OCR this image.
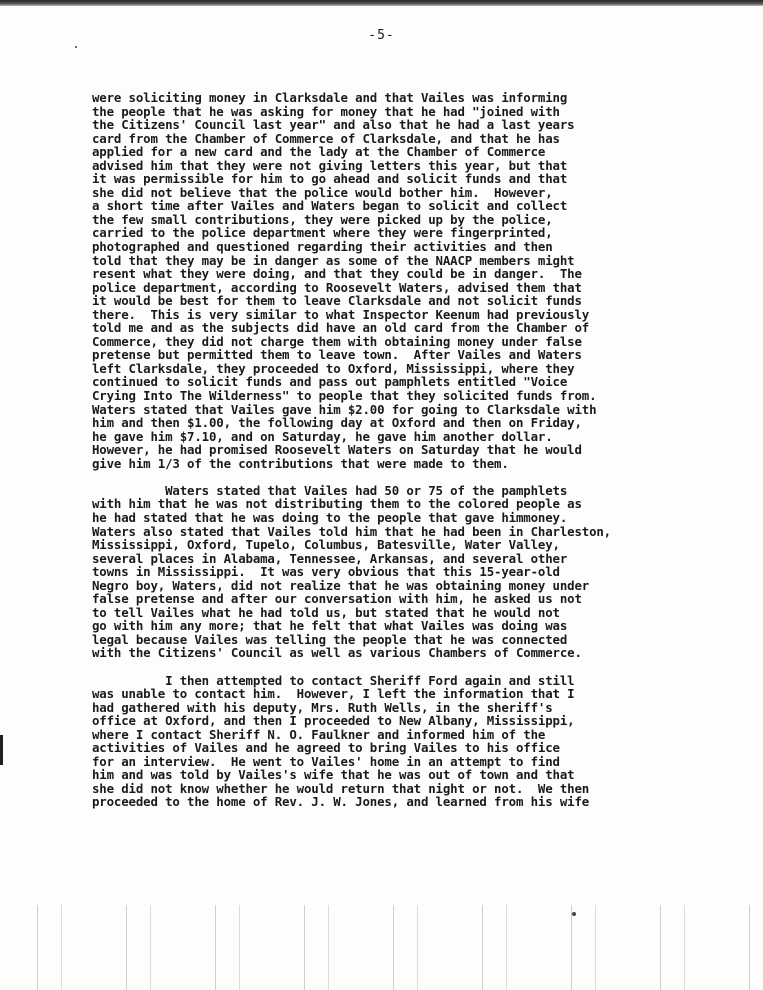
-5-

were soliciting money in Clarksdale and that Vailes was informing
the people that he was asking for money that he had "joined with
the Citizens' Council last year" and also that he had a last years
card from the Chamber of Commerce of Clarksdale, and that he has
applied for a new card and the lady at the Chamber of Commerce
advised him that they were not giving letters this year, but that
it was permissible for him to go ahead and solicit funds and that
she did not believe that the police would bother him.  However,
a short time after Vailes and Waters began to solicit and collect
the few small contributions, they were picked up by the police,
carried to the police department where they were fingerprinted,
photographed and questioned regarding their activities and then
told that they may be in danger as some of the NAACP members might
resent what they were doing, and that they could be in danger.  The
police department, according to Roosevelt Waters, advised them that
it would be best for them to leave Clarksdale and not solicit funds
there.  This is very similar to what Inspector Keenum had previously
told me and as the subjects did have an old card from the Chamber of
Commerce, they did not charge them with obtaining money under false
pretense but permitted them to leave town.  After Vailes and Waters
left Clarksdale, they proceeded to Oxford, Mississippi, where they
continued to solicit funds and pass out pamphlets entitled "Voice
Crying Into The Wilderness" to people that they solicited funds from.
Waters stated that Vailes gave him $2.00 for going to Clarksdale with
him and then $1.00, the following day at Oxford and then on Friday,
he gave him $7.10, and on Saturday, he gave him another dollar.
However, he had promised Roosevelt Waters on Saturday that he would
give him 1/3 of the contributions that were made to them.

Waters stated that Vailes had 50 or 75 of the pamphlets
with him that he was not distributing them to the colored people as
he had stated that he was doing to the people that gave himmoney.
Waters also stated that Vailes told him that he had been in Charleston,
Mississippi, Oxford, Tupelo, Columbus, Batesville, Water Valley,
several places in Alabama, Tennessee, Arkansas, and several other
towns in Mississippi.  It was very obvious that this 15-year-old
Negro boy, Waters, did not realize that he was obtaining money under
false pretense and after our conversation with him, he asked us not
to tell Vailes what he had told us, but stated that he would not
go with him any more; that he felt that what Vailes was doing was
legal because Vailes was telling the people that he was connected
with the Citizens' Council as well as various Chambers of Commerce.

I then attempted to contact Sheriff Ford again and still
was unable to contact him.  However, I left the information that I
had gathered with his deputy, Mrs. Ruth Wells, in the sheriff's
office at Oxford, and then I proceeded to New Albany, Mississippi,
where I contact Sheriff N. O. Faulkner and informed him of the
activities of Vailes and he agreed to bring Vailes to his office
for an interview.  He went to Vailes' home in an attempt to find
him and was told by Vailes's wife that he was out of town and that
she did not know whether he would return that night or not.  We then
proceeded to the home of Rev. J. W. Jones, and learned from his wife
